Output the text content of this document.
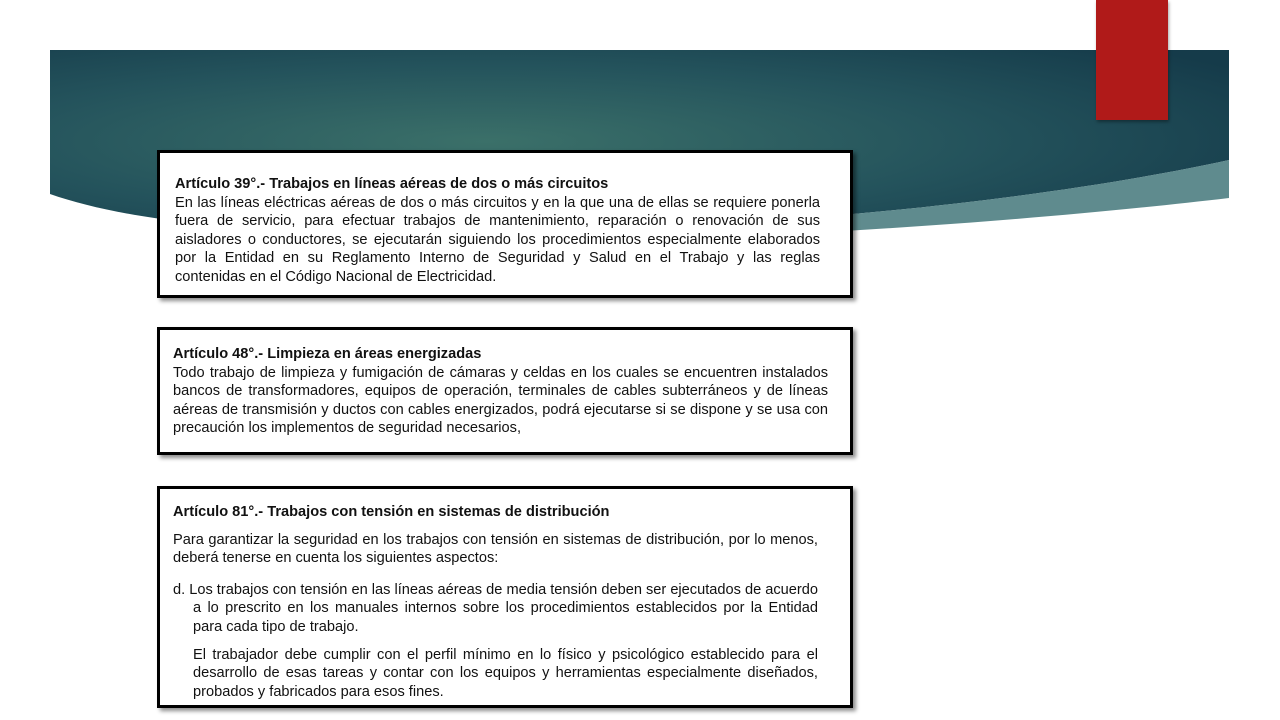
Artículo 39°.- Trabajos en líneas aéreas de dos o más circuitos

En las líneas eléctricas aéreas de dos o más circuitos y en la que una de ellas se requiere ponerla fuera de servicio, para efectuar trabajos de mantenimiento, reparación o renovación de sus aisladores o conductores, se ejecutarán siguiendo los procedimientos especialmente elaborados por la Entidad en su Reglamento Interno de Seguridad y Salud en el Trabajo y las reglas contenidas en el Código Nacional de Electricidad.

Artículo 48°.- Limpieza en áreas energizadas

Todo trabajo de limpieza y fumigación de cámaras y celdas en los cuales se encuentren instalados bancos de transformadores, equipos de operación, terminales de cables subterráneos y de líneas aéreas de transmisión y ductos con cables energizados, podrá ejecutarse si se dispone y se usa con precaución los implementos de seguridad necesarios,

Artículo 81°.- Trabajos con tensión en sistemas de distribución

Para garantizar la seguridad en los trabajos con tensión en sistemas de distribución, por lo menos, deberá tenerse en cuenta los siguientes aspectos:

d. Los trabajos con tensión en las líneas aéreas de media tensión deben ser ejecutados de acuerdo a lo prescrito en los manuales internos sobre los procedimientos establecidos por la Entidad para cada tipo de trabajo.

El trabajador debe cumplir con el perfil mínimo en lo físico y psicológico establecido para el desarrollo de esas tareas y contar con los equipos y herramientas especialmente diseñados, probados y fabricados para esos fines.
